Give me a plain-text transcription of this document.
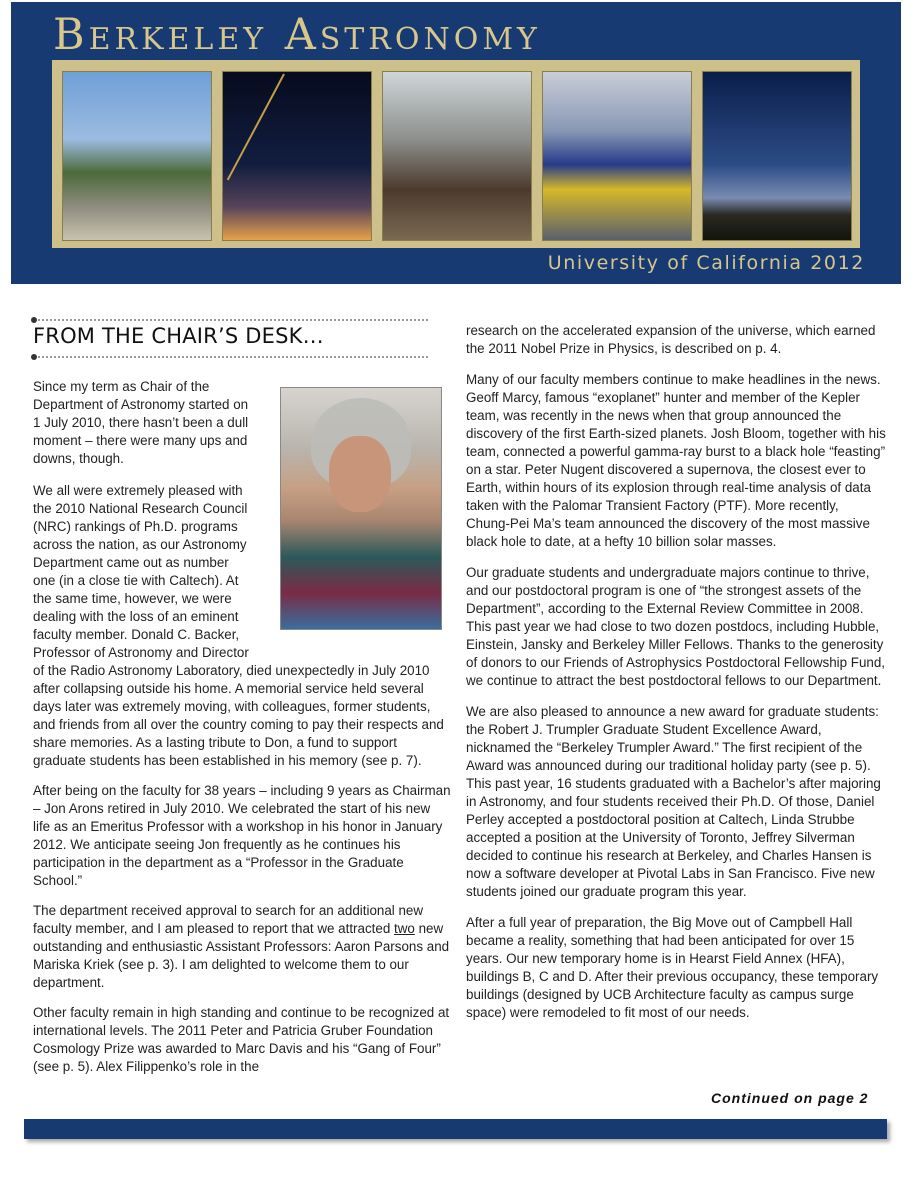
Berkeley Astronomy
University of California 2012
FROM THE CHAIR’S DESK…
Since my term as Chair of the
Department of Astronomy started on
1 July 2010, there hasn’t been a dull
moment – there were many ups and
downs, though.
We all were extremely pleased with
the 2010 National Research Council
(NRC) rankings of Ph.D. programs
across the nation, as our Astronomy
Department came out as number
one (in a close tie with Caltech). At
the same time, however, we were
dealing with the loss of an eminent
faculty member. Donald C. Backer,
Professor of Astronomy and Director

of the Radio Astronomy Laboratory, died unexpectedly in July 2010 after collapsing outside his home. A memorial service held several days later was extremely moving, with colleagues, former students, and friends from all over the country coming to pay their respects and share memories. As a lasting tribute to Don, a fund to support graduate students has been established in his memory (see p. 7).

After being on the faculty for 38 years – including 9 years as Chairman – Jon Arons retired in July 2010. We celebrated the start of his new life as an Emeritus Professor with a workshop in his honor in January 2012. We anticipate seeing Jon frequently as he continues his participation in the department as a “Professor in the Graduate School.”

The department received approval to search for an additional new faculty member, and I am pleased to report that we attracted two new outstanding and enthusiastic Assistant Professors: Aaron Parsons and Mariska Kriek (see p. 3). I am delighted to welcome them to our department.

Other faculty remain in high standing and continue to be recognized at international levels. The 2011 Peter and Patricia Gruber Foundation Cosmology Prize was awarded to Marc Davis and his “Gang of Four” (see p. 5). Alex Filippenko’s role in the

research on the accelerated expansion of the universe, which earned the 2011 Nobel Prize in Physics, is described on p. 4.

Many of our faculty members continue to make headlines in the news. Geoff Marcy, famous “exoplanet” hunter and member of the Kepler team, was recently in the news when that group announced the discovery of the first Earth-sized planets. Josh Bloom, together with his team, connected a powerful gamma-ray burst to a black hole “feasting” on a star. Peter Nugent discovered a supernova, the closest ever to Earth, within hours of its explosion through real-time analysis of data taken with the Palomar Transient Factory (PTF). More recently, Chung-Pei Ma’s team announced the discovery of the most massive black hole to date, at a hefty 10 billion solar masses.

Our graduate students and undergraduate majors continue to thrive, and our postdoctoral program is one of “the strongest assets of the Department”, according to the External Review Committee in 2008. This past year we had close to two dozen postdocs, including Hubble, Einstein, Jansky and Berkeley Miller Fellows. Thanks to the generosity of donors to our Friends of Astrophysics Postdoctoral Fellowship Fund, we continue to attract the best postdoctoral fellows to our Department.

We are also pleased to announce a new award for graduate students: the Robert J. Trumpler Graduate Student Excellence Award, nicknamed the “Berkeley Trumpler Award.” The first recipient of the Award was announced during our traditional holiday party (see p. 5). This past year, 16 students graduated with a Bachelor’s after majoring in Astronomy, and four students received their Ph.D. Of those, Daniel Perley accepted a postdoctoral position at Caltech, Linda Strubbe accepted a position at the University of Toronto, Jeffrey Silverman decided to continue his research at Berkeley, and Charles Hansen is now a software developer at Pivotal Labs in San Francisco. Five new students joined our graduate program this year.

After a full year of preparation, the Big Move out of Campbell Hall became a reality, something that had been anticipated for over 15 years. Our new temporary home is in Hearst Field Annex (HFA), buildings B, C and D. After their previous occupancy, these temporary buildings (designed by UCB Architecture faculty as campus surge space) were remodeled to fit most of our needs.

Continued on page 2
